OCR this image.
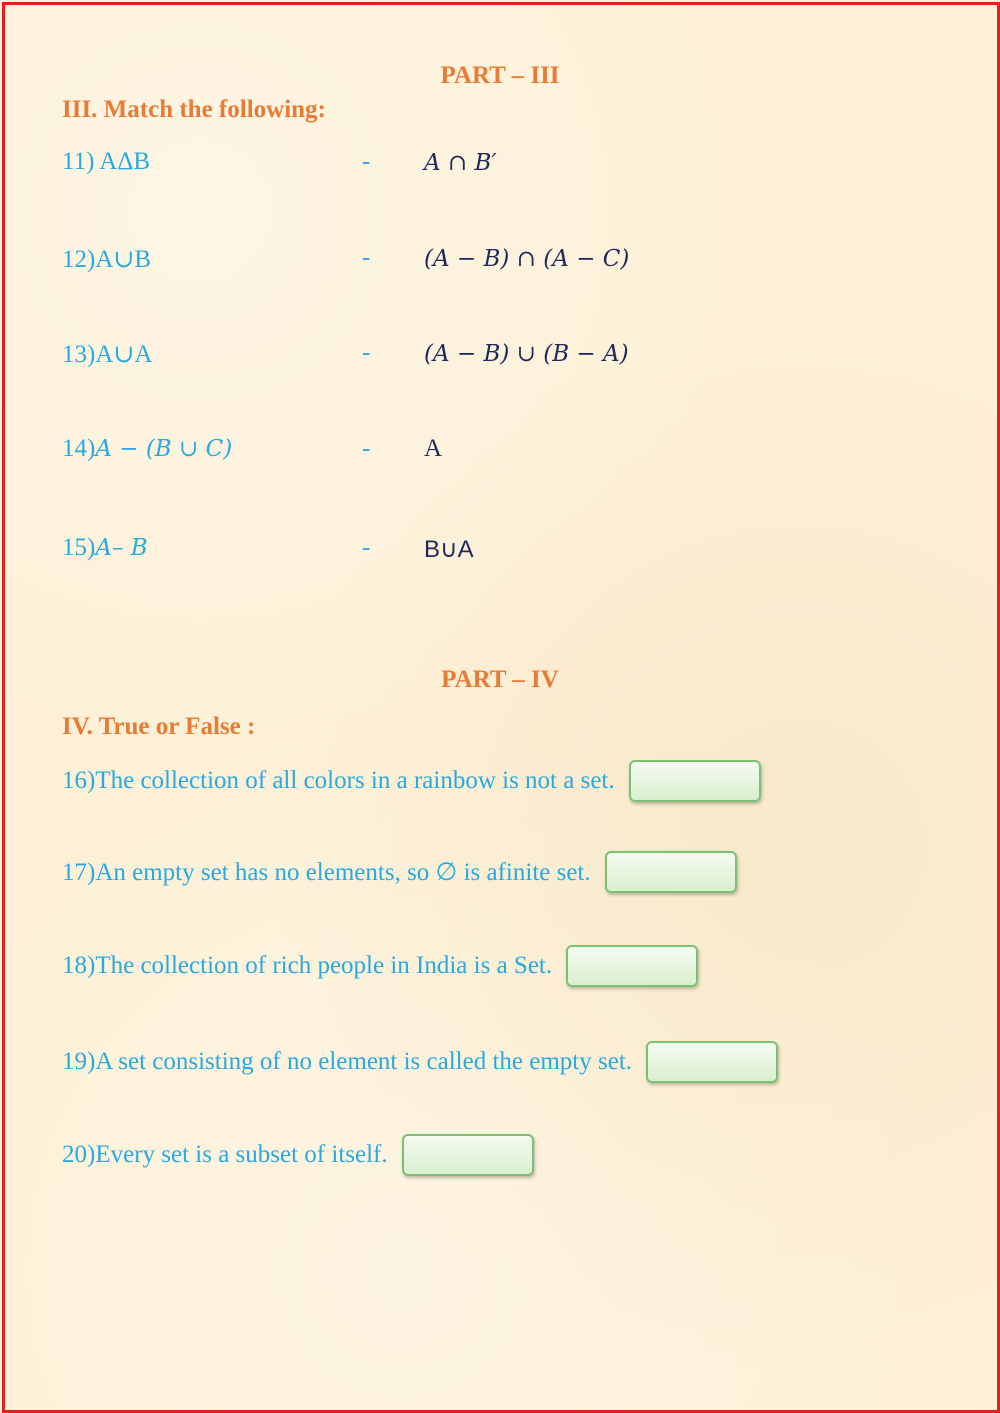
PART – III
III. Match the following:
11) AΔB	- A ∩ B′
12)A∪B	- (A − B) ∩ (A − C)
13)A∪A	- (A − B) ∪ (B − A)
14)A − (B ∪ C)	- A
15)A– B	- B∪A
PART – IV
IV. True or False :
16)The collection of all colors in a rainbow is not a set.
17)An empty set has no elements, so ∅ is afinite set.
18)The collection of rich people in India is a Set.
19)A set consisting of no element is called the empty set.
20)Every set is a subset of itself.
